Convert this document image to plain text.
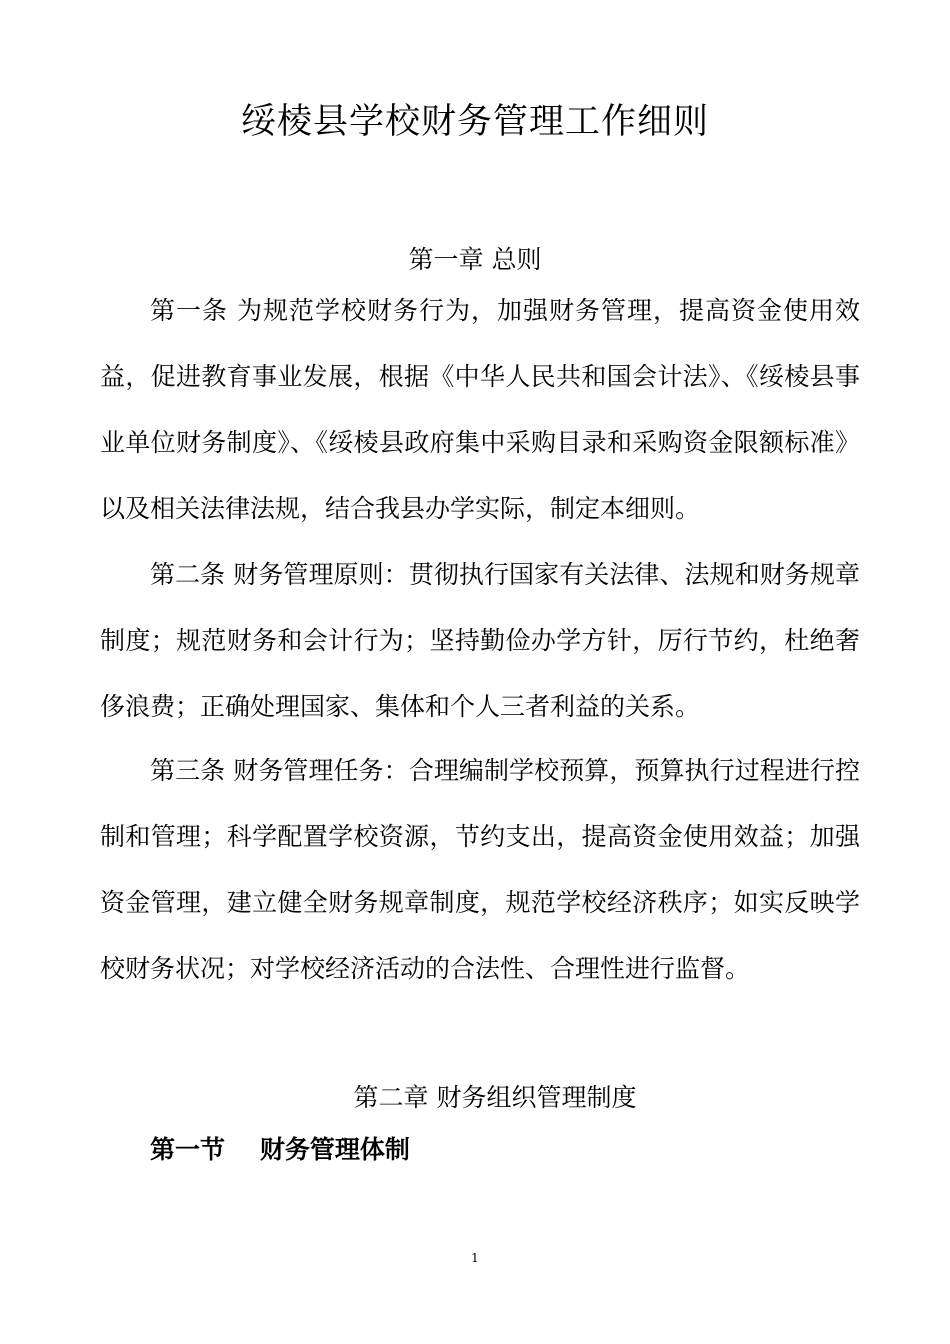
绥棱县学校财务管理工作细则
第一章 总则

第一条 为规范学校财务行为，加强财务管理，提高资金使用效益，促进教育事业发展，根据《中华人民共和国会计法》、《绥棱县事业单位财务制度》、《绥棱县政府集中采购目录和采购资金限额标准》以及相关法律法规，结合我县办学实际，制定本细则。

第二条 财务管理原则：贯彻执行国家有关法律、法规和财务规章制度；规范财务和会计行为；坚持勤俭办学方针，厉行节约，杜绝奢侈浪费；正确处理国家、集体和个人三者利益的关系。

第三条 财务管理任务：合理编制学校预算，预算执行过程进行控制和管理；科学配置学校资源，节约支出，提高资金使用效益；加强资金管理，建立健全财务规章制度，规范学校经济秩序；如实反映学校财务状况；对学校经济活动的合法性、合理性进行监督。

第二章 财务组织管理制度
第一节    财务管理体制
1
